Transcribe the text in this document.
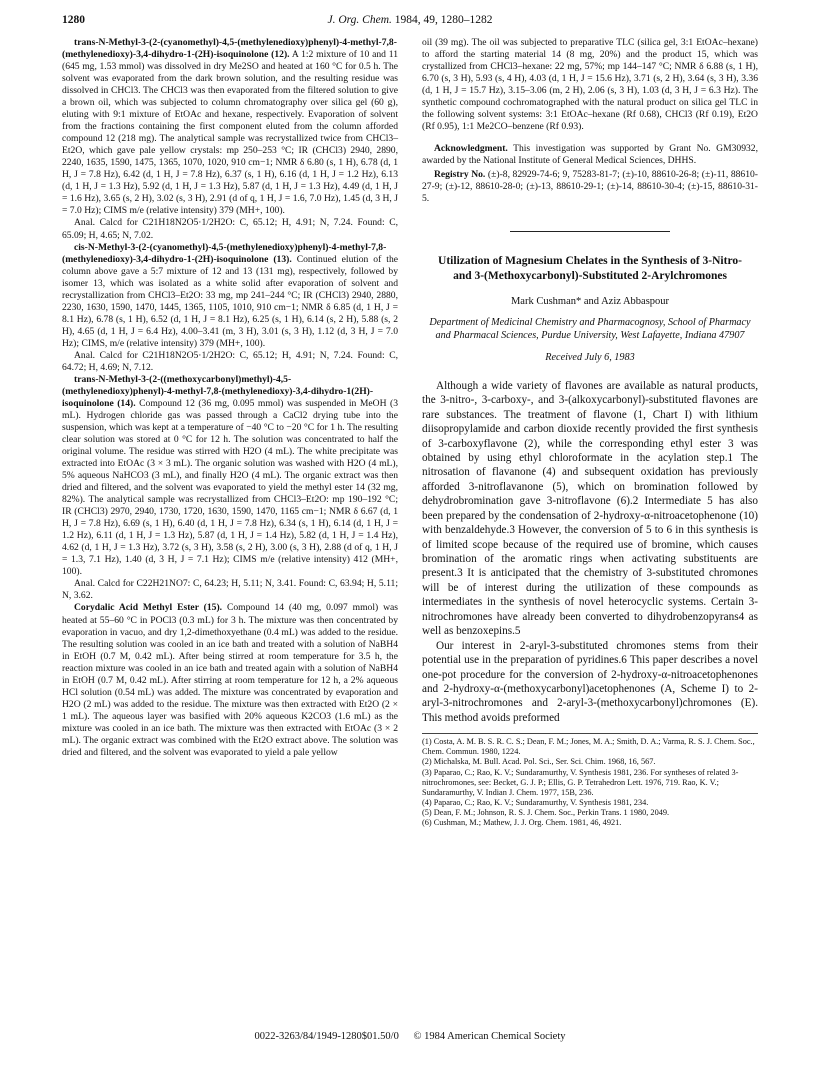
1280	J. Org. Chem. 1984, 49, 1280–1282

trans-N-Methyl-3-(2-(cyanomethyl)-4,5-(methylenedioxy)phenyl)-4-methyl-7,8-(methylenedioxy)-3,4-dihydro-1-(2H)-isoquinolone (12). A 1:2 mixture of 10 and 11 (645 mg, 1.53 mmol) was dissolved in dry Me2SO and heated at 160 °C for 0.5 h. The solvent was evaporated from the dark brown solution, and the resulting residue was dissolved in CHCl3. The CHCl3 was then evaporated from the filtered solution to give a brown oil, which was subjected to column chromatography over silica gel (60 g), eluting with 9:1 mixture of EtOAc and hexane, respectively. Evaporation of solvent from the fractions containing the first component eluted from the column afforded compound 12 (218 mg). The analytical sample was recrystallized twice from CHCl3–Et2O, which gave pale yellow crystals: mp 250–253 °C; IR (CHCl3) 2940, 2890, 2240, 1635, 1590, 1475, 1365, 1070, 1020, 910 cm−1; NMR δ 6.80 (s, 1 H), 6.78 (d, 1 H, J = 7.8 Hz), 6.42 (d, 1 H, J = 7.8 Hz), 6.37 (s, 1 H), 6.16 (d, 1 H, J = 1.2 Hz), 6.13 (d, 1 H, J = 1.3 Hz), 5.92 (d, 1 H, J = 1.3 Hz), 5.87 (d, 1 H, J = 1.3 Hz), 4.49 (d, 1 H, J = 1.6 Hz), 3.65 (s, 2 H), 3.02 (s, 3 H), 2.91 (d of q, 1 H, J = 1.6, 7.0 Hz), 1.45 (d, 3 H, J = 7.0 Hz); CIMS m/e (relative intensity) 379 (MH+, 100).

Anal. Calcd for C21H18N2O5·1/2H2O: C, 65.12; H, 4.91; N, 7.24. Found: C, 65.09; H, 4.65; N, 7.02.

cis-N-Methyl-3-(2-(cyanomethyl)-4,5-(methylenedioxy)phenyl)-4-methyl-7,8-(methylenedioxy)-3,4-dihydro-1-(2H)-isoquinolone (13). Continued elution of the column above gave a 5:7 mixture of 12 and 13 (131 mg), respectively, followed by isomer 13, which was isolated as a white solid after evaporation of solvent and recrystallization from CHCl3–Et2O: 33 mg, mp 241–244 °C; IR (CHCl3) 2940, 2880, 2230, 1630, 1590, 1470, 1445, 1365, 1105, 1010, 910 cm−1; NMR δ 6.85 (d, 1 H, J = 8.1 Hz), 6.78 (s, 1 H), 6.52 (d, 1 H, J = 8.1 Hz), 6.25 (s, 1 H), 6.14 (s, 2 H), 5.88 (s, 2 H), 4.65 (d, 1 H, J = 6.4 Hz), 4.00–3.41 (m, 3 H), 3.01 (s, 3 H), 1.12 (d, 3 H, J = 7.0 Hz); CIMS, m/e (relative intensity) 379 (MH+, 100).

Anal. Calcd for C21H18N2O5·1/2H2O: C, 65.12; H, 4.91; N, 7.24. Found: C, 64.72; H, 4.69; N, 7.12.

trans-N-Methyl-3-(2-((methoxycarbonyl)methyl)-4,5-(methylenedioxy)phenyl)-4-methyl-7,8-(methylenedioxy)-3,4-dihydro-1(2H)-isoquinolone (14). Compound 12 (36 mg, 0.095 mmol) was suspended in MeOH (3 mL). Hydrogen chloride gas was passed through a CaCl2 drying tube into the suspension, which was kept at a temperature of −40 °C to −20 °C for 1 h. The resulting clear solution was stored at 0 °C for 12 h. The solution was concentrated to half the original volume. The residue was stirred with H2O (4 mL). The white precipitate was extracted into EtOAc (3 × 3 mL). The organic solution was washed with H2O (4 mL), 5% aqueous NaHCO3 (3 mL), and finally H2O (4 mL). The organic extract was then dried and filtered, and the solvent was evaporated to yield the methyl ester 14 (32 mg, 82%). The analytical sample was recrystallized from CHCl3–Et2O: mp 190–192 °C; IR (CHCl3) 2970, 2940, 1730, 1720, 1630, 1590, 1470, 1165 cm−1; NMR δ 6.67 (d, 1 H, J = 7.8 Hz), 6.69 (s, 1 H), 6.40 (d, 1 H, J = 7.8 Hz), 6.34 (s, 1 H), 6.14 (d, 1 H, J = 1.2 Hz), 6.11 (d, 1 H, J = 1.3 Hz), 5.87 (d, 1 H, J = 1.4 Hz), 5.82 (d, 1 H, J = 1.4 Hz), 4.62 (d, 1 H, J = 1.3 Hz), 3.72 (s, 3 H), 3.58 (s, 2 H), 3.00 (s, 3 H), 2.88 (d of q, 1 H, J = 1.3, 7.1 Hz), 1.40 (d, 3 H, J = 7.1 Hz); CIMS m/e (relative intensity) 412 (MH+, 100).

Anal. Calcd for C22H21NO7: C, 64.23; H, 5.11; N, 3.41. Found: C, 63.94; H, 5.11; N, 3.62.

Corydalic Acid Methyl Ester (15). Compound 14 (40 mg, 0.097 mmol) was heated at 55–60 °C in POCl3 (0.3 mL) for 3 h. The mixture was then concentrated by evaporation in vacuo, and dry 1,2-dimethoxyethane (0.4 mL) was added to the residue. The resulting solution was cooled in an ice bath and treated with a solution of NaBH4 in EtOH (0.7 M, 0.42 mL). After being stirred at room temperature for 3.5 h, the reaction mixture was cooled in an ice bath and treated again with a solution of NaBH4 in EtOH (0.7 M, 0.42 mL). After stirring at room temperature for 12 h, a 2% aqueous HCl solution (0.54 mL) was added. The mixture was concentrated by evaporation and H2O (2 mL) was added to the residue. The mixture was then extracted with Et2O (2 × 1 mL). The aqueous layer was basified with 20% aqueous K2CO3 (1.6 mL) as the mixture was cooled in an ice bath. The mixture was then extracted with EtOAc (3 × 2 mL). The organic extract was combined with the Et2O extract above. The solution was dried and filtered, and the solvent was evaporated to yield a pale yellow

oil (39 mg). The oil was subjected to preparative TLC (silica gel, 3:1 EtOAc–hexane) to afford the starting material 14 (8 mg, 20%) and the product 15, which was crystallized from CHCl3–hexane: 22 mg, 57%; mp 144–147 °C; NMR δ 6.88 (s, 1 H), 6.70 (s, 3 H), 5.93 (s, 4 H), 4.03 (d, 1 H, J = 15.6 Hz), 3.71 (s, 2 H), 3.64 (s, 3 H), 3.36 (d, 1 H, J = 15.7 Hz), 3.15–3.06 (m, 2 H), 2.06 (s, 3 H), 1.03 (d, 3 H, J = 6.3 Hz). The synthetic compound cochromatographed with the natural product on silica gel TLC in the following solvent systems: 3:1 EtOAc–hexane (Rf 0.68), CHCl3 (Rf 0.19), Et2O (Rf 0.95), 1:1 Me2CO–benzene (Rf 0.93).

Acknowledgment. This investigation was supported by Grant No. GM30932, awarded by the National Institute of General Medical Sciences, DHHS.

Registry No. (±)-8, 82929-74-6; 9, 75283-81-7; (±)-10, 88610-26-8; (±)-11, 88610-27-9; (±)-12, 88610-28-0; (±)-13, 88610-29-1; (±)-14, 88610-30-4; (±)-15, 88610-31-5.

Utilization of Magnesium Chelates in the Synthesis of 3-Nitro- and 3-(Methoxycarbonyl)-Substituted 2-Arylchromones
Mark Cushman* and Aziz Abbaspour
Department of Medicinal Chemistry and Pharmacognosy, School of Pharmacy and Pharmacal Sciences, Purdue University, West Lafayette, Indiana 47907
Received July 6, 1983

Although a wide variety of flavones are available as natural products, the 3-nitro-, 3-carboxy-, and 3-(alkoxycarbonyl)-substituted flavones are rare substances. The treatment of flavone (1, Chart I) with lithium diisopropylamide and carbon dioxide recently provided the first synthesis of 3-carboxyflavone (2), while the corresponding ethyl ester 3 was obtained by using ethyl chloroformate in the acylation step.1 The nitrosation of flavanone (4) and subsequent oxidation has previously afforded 3-nitroflavanone (5), which on bromination followed by dehydrobromination gave 3-nitroflavone (6).2 Intermediate 5 has also been prepared by the condensation of 2-hydroxy-α-nitroacetophenone (10) with benzaldehyde.3 However, the conversion of 5 to 6 in this synthesis is of limited scope because of the required use of bromine, which causes bromination of the aromatic rings when activating substituents are present.3 It is anticipated that the chemistry of 3-substituted chromones will be of interest during the utilization of these compounds as intermediates in the synthesis of novel heterocyclic systems. Certain 3-nitrochromones have already been converted to dihydrobenzopyrans4 as well as benzoxepins.5

Our interest in 2-aryl-3-substituted chromones stems from their potential use in the preparation of pyridines.6 This paper describes a novel one-pot procedure for the conversion of 2-hydroxy-α-nitroacetophenones and 2-hydroxy-α-(methoxycarbonyl)acetophenones (A, Scheme I) to 2-aryl-3-nitrochromones and 2-aryl-3-(methoxycarbonyl)chromones (E). This method avoids preformed

(1) Costa, A. M. B. S. R. C. S.; Dean, F. M.; Jones, M. A.; Smith, D. A.; Varma, R. S. J. Chem. Soc., Chem. Commun. 1980, 1224.
(2) Michalska, M. Bull. Acad. Pol. Sci., Ser. Sci. Chim. 1968, 16, 567.
(3) Paparao, C.; Rao, K. V.; Sundaramurthy, V. Synthesis 1981, 236. For syntheses of related 3-nitrochromones, see: Becket, G. J. P.; Ellis, G. P. Tetrahedron Lett. 1976, 719. Rao, K. V.; Sundaramurthy, V. Indian J. Chem. 1977, 15B, 236.
(4) Paparao, C.; Rao, K. V.; Sundaramurthy, V. Synthesis 1981, 234.
(5) Dean, F. M.; Johnson, R. S. J. Chem. Soc., Perkin Trans. 1 1980, 2049.
(6) Cushman, M.; Mathew, J. J. Org. Chem. 1981, 46, 4921.
0022-3263/84/1949-1280$01.50/0 © 1984 American Chemical Society
